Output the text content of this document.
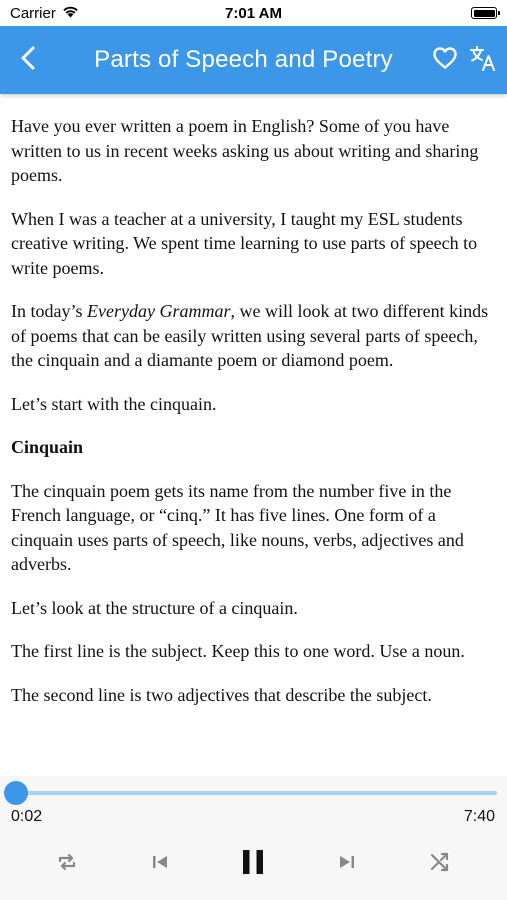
Carrier	7:01 AM
Parts of Speech and Poetry

Have you ever written a poem in English? Some of you have written to us in recent weeks asking us about writing and sharing poems.

When I was a teacher at a university, I taught my ESL students creative writing. We spent time learning to use parts of speech to write poems.

In today’s Everyday Grammar, we will look at two different kinds of poems that can be easily written using several parts of speech, the cinquain and a diamante poem or diamond poem.

Let’s start with the cinquain.

Cinquain

The cinquain poem gets its name from the number five in the French language, or “cinq.” It has five lines. One form of a cinquain uses parts of speech, like nouns, verbs, adjectives and adverbs.

Let’s look at the structure of a cinquain.

The first line is the subject. Keep this to one word. Use a noun.

The second line is two adjectives that describe the subject.

0:02	7:40
